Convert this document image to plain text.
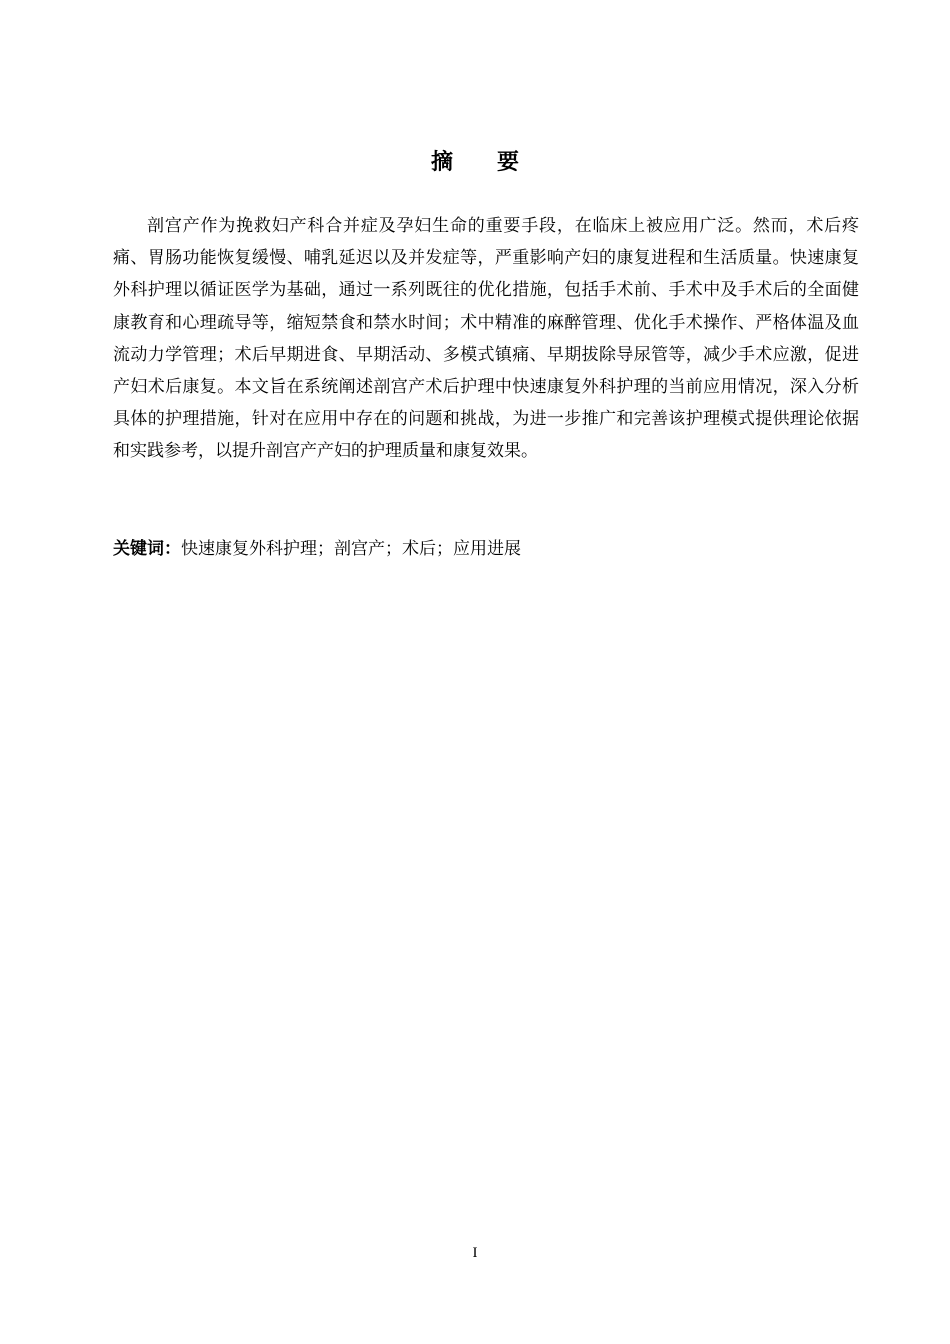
摘要

剖宫产作为挽救妇产科合并症及孕妇生命的重要手段，在临床上被应用广泛。然而，术后疼痛、胃肠功能恢复缓慢、哺乳延迟以及并发症等，严重影响产妇的康复进程和生活质量。快速康复外科护理以循证医学为基础，通过一系列既往的优化措施，包括手术前、手术中及手术后的全面健康教育和心理疏导等，缩短禁食和禁水时间；术中精准的麻醉管理、优化手术操作、严格体温及血流动力学管理；术后早期进食、早期活动、多模式镇痛、早期拔除导尿管等，减少手术应激，促进产妇术后康复。本文旨在系统阐述剖宫产术后护理中快速康复外科护理的当前应用情况，深入分析具体的护理措施，针对在应用中存在的问题和挑战，为进一步推广和完善该护理模式提供理论依据和实践参考，以提升剖宫产产妇的护理质量和康复效果。

关键词：快速康复外科护理；剖宫产；术后；应用进展
I
